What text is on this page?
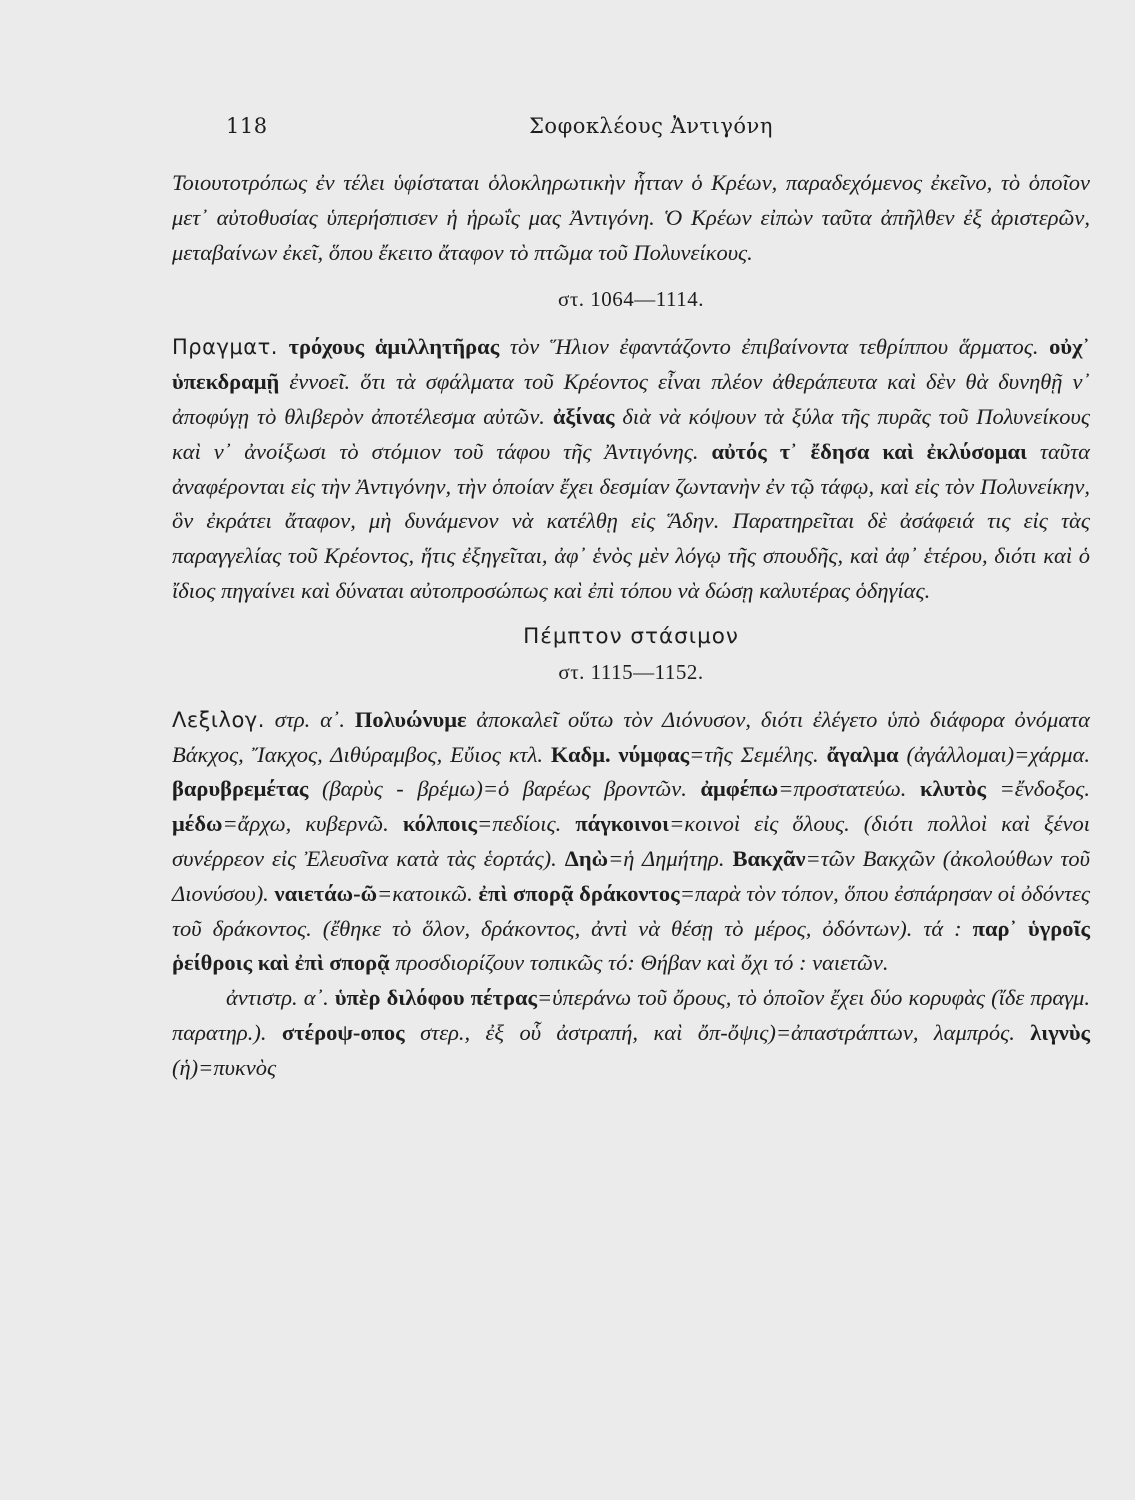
118	Σοφοκλέους Ἀντιγόνη

Τοιουτοτρόπως ἐν τέλει ὑφίσταται ὁλοκληρωτικὴν ἧτταν ὁ Κρέων, παραδεχόμενος ἐκεῖνο, τὸ ὁποῖον μετ᾿ αὐτοθυσίας ὑπερήσπισεν ἡ ἡρωΐς μας Ἀντιγόνη. Ὁ Κρέων εἰπὼν ταῦτα ἀπῆλθεν ἐξ ἀριστερῶν, μεταβαίνων ἐκεῖ, ὅπου ἔκειτο ἄταφον τὸ πτῶμα τοῦ Πολυνείκους.

στ. 1064—1114.

Πραγματ. τρόχους ἁμιλλητῆρας τὸν Ἥλιον ἐφαντάζοντο ἐπιβαίνοντα τεθρίππου ἅρματος. οὐχ᾿ ὑπεκδραμῇ ἐννοεῖ. ὅτι τὰ σφάλματα τοῦ Κρέοντος εἶναι πλέον ἀθεράπευτα καὶ δὲν θὰ δυνηθῇ ν᾿ ἀποφύγῃ τὸ θλιβερὸν ἀποτέλεσμα αὐτῶν. ἀξίνας διὰ νὰ κόψουν τὰ ξύλα τῆς πυρᾶς τοῦ Πολυνείκους καὶ ν᾿ ἀνοίξωσι τὸ στόμιον τοῦ τάφου τῆς Ἀντιγόνης. αὐτός τ᾿ ἔδησα καὶ ἐκλύσομαι ταῦτα ἀναφέρονται εἰς τὴν Ἀντιγόνην, τὴν ὁποίαν ἔχει δεσμίαν ζωντανὴν ἐν τῷ τάφῳ, καὶ εἰς τὸν Πολυνείκην, ὃν ἐκράτει ἄταφον, μὴ δυνάμενον νὰ κατέλθῃ εἰς Ἅδην. Παρατηρεῖται δὲ ἀσάφειά τις εἰς τὰς παραγγελίας τοῦ Κρέοντος, ἥτις ἐξηγεῖται, ἀφ᾿ ἑνὸς μὲν λόγῳ τῆς σπουδῆς, καὶ ἀφ᾿ ἑτέρου, διότι καὶ ὁ ἴδιος πηγαίνει καὶ δύναται αὐτοπροσώπως καὶ ἐπὶ τόπου νὰ δώσῃ καλυτέρας ὁδηγίας.

Πέμπτον στάσιμον
στ. 1115—1152.

Λεξιλογ. στρ. α᾿. Πολυώνυμε ἀποκαλεῖ οὕτω τὸν Διόνυσον, διότι ἐλέγετο ὑπὸ διάφορα ὀνόματα Βάκχος, Ἴακχος, Διθύραμβος, Εὔιος κτλ. Καδμ. νύμφας=τῆς Σεμέλης. ἄγαλμα (ἀγάλλομαι)=χάρμα. βαρυβρεμέτας (βαρὺς - βρέμω)=ὁ βαρέως βροντῶν. ἀμφέπω=προστατεύω. κλυτὸς =ἔνδοξος. μέδω=ἄρχω, κυβερνῶ. κόλποις=πεδίοις. πάγκοινοι=κοινοὶ εἰς ὅλους. (διότι πολλοὶ καὶ ξένοι συνέρρεον εἰς Ἐλευσῖνα κατὰ τὰς ἑορτάς). Δηὼ=ἡ Δημήτηρ. Βακχᾶν=τῶν Βακχῶν (ἀκολούθων τοῦ Διονύσου). ναιετάω-ῶ=κατοικῶ. ἐπὶ σπορᾷ δράκοντος=παρὰ τὸν τόπον, ὅπου ἐσπάρησαν οἱ ὀδόντες τοῦ δράκοντος. (ἔθηκε τὸ ὅλον, δράκοντος, ἀντὶ νὰ θέσῃ τὸ μέρος, ὀδόντων). τά : παρ᾿ ὑγροῖς ῥείθροις καὶ ἐπὶ σπορᾷ προσδιορίζουν τοπικῶς τό: Θήβαν καὶ ὄχι τό : ναιετῶν.

ἀντιστρ. α᾿. ὑπὲρ διλόφου πέτρας=ὑπεράνω τοῦ ὄρους, τὸ ὁποῖον ἔχει δύο κορυφὰς (ἴδε πραγμ. παρατηρ.). στέροψ-οπος στερ., ἐξ οὗ ἀστραπή, καὶ ὄπ-ὄψις)=ἀπαστράπτων, λαμπρός. λιγνὺς (ἡ)=πυκνὸς
